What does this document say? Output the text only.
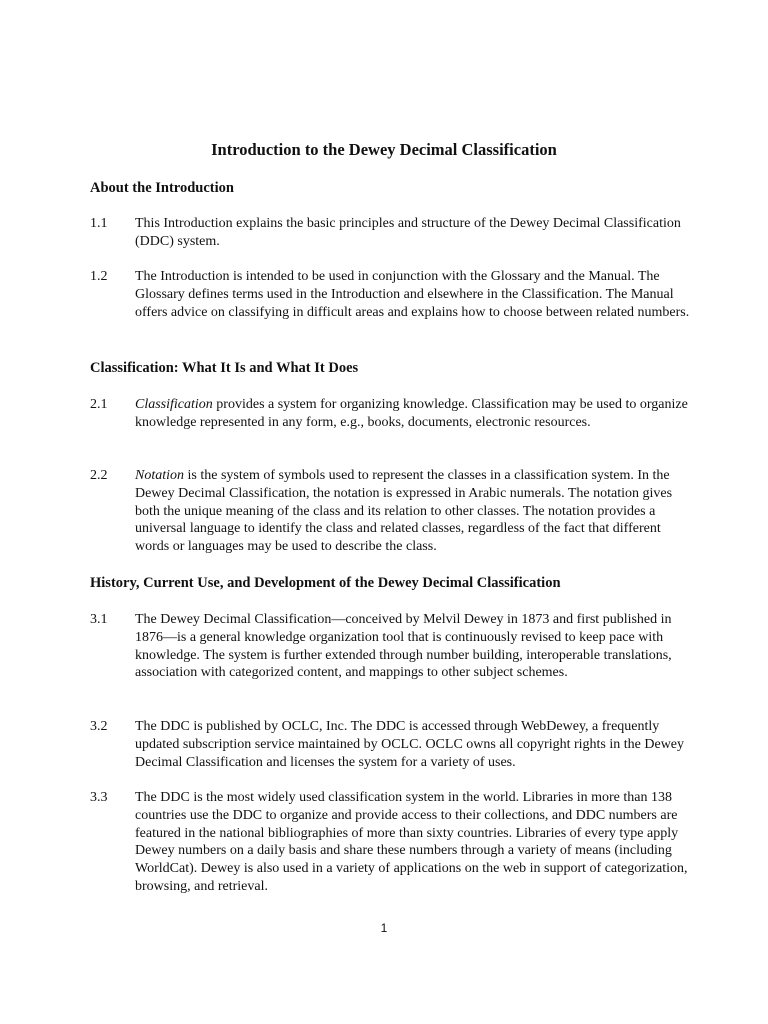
Introduction to the Dewey Decimal Classification
About the Introduction
1.1 This Introduction explains the basic principles and structure of the Dewey Decimal Classification (DDC) system.
1.2 The Introduction is intended to be used in conjunction with the Glossary and the Manual. The Glossary defines terms used in the Introduction and elsewhere in the Classification. The Manual offers advice on classifying in difficult areas and explains how to choose between related numbers.
Classification: What It Is and What It Does
2.1 Classification provides a system for organizing knowledge. Classification may be used to organize knowledge represented in any form, e.g., books, documents, electronic resources.
2.2 Notation is the system of symbols used to represent the classes in a classification system. In the Dewey Decimal Classification, the notation is expressed in Arabic numerals. The notation gives both the unique meaning of the class and its relation to other classes. The notation provides a universal language to identify the class and related classes, regardless of the fact that different words or languages may be used to describe the class.
History, Current Use, and Development of the Dewey Decimal Classification
3.1 The Dewey Decimal Classification—conceived by Melvil Dewey in 1873 and first published in 1876—is a general knowledge organization tool that is continuously revised to keep pace with knowledge. The system is further extended through number building, interoperable translations, association with categorized content, and mappings to other subject schemes.
3.2 The DDC is published by OCLC, Inc. The DDC is accessed through WebDewey, a frequently updated subscription service maintained by OCLC. OCLC owns all copyright rights in the Dewey Decimal Classification and licenses the system for a variety of uses.
3.3 The DDC is the most widely used classification system in the world. Libraries in more than 138 countries use the DDC to organize and provide access to their collections, and DDC numbers are featured in the national bibliographies of more than sixty countries. Libraries of every type apply Dewey numbers on a daily basis and share these numbers through a variety of means (including WorldCat). Dewey is also used in a variety of applications on the web in support of categorization, browsing, and retrieval.
1
